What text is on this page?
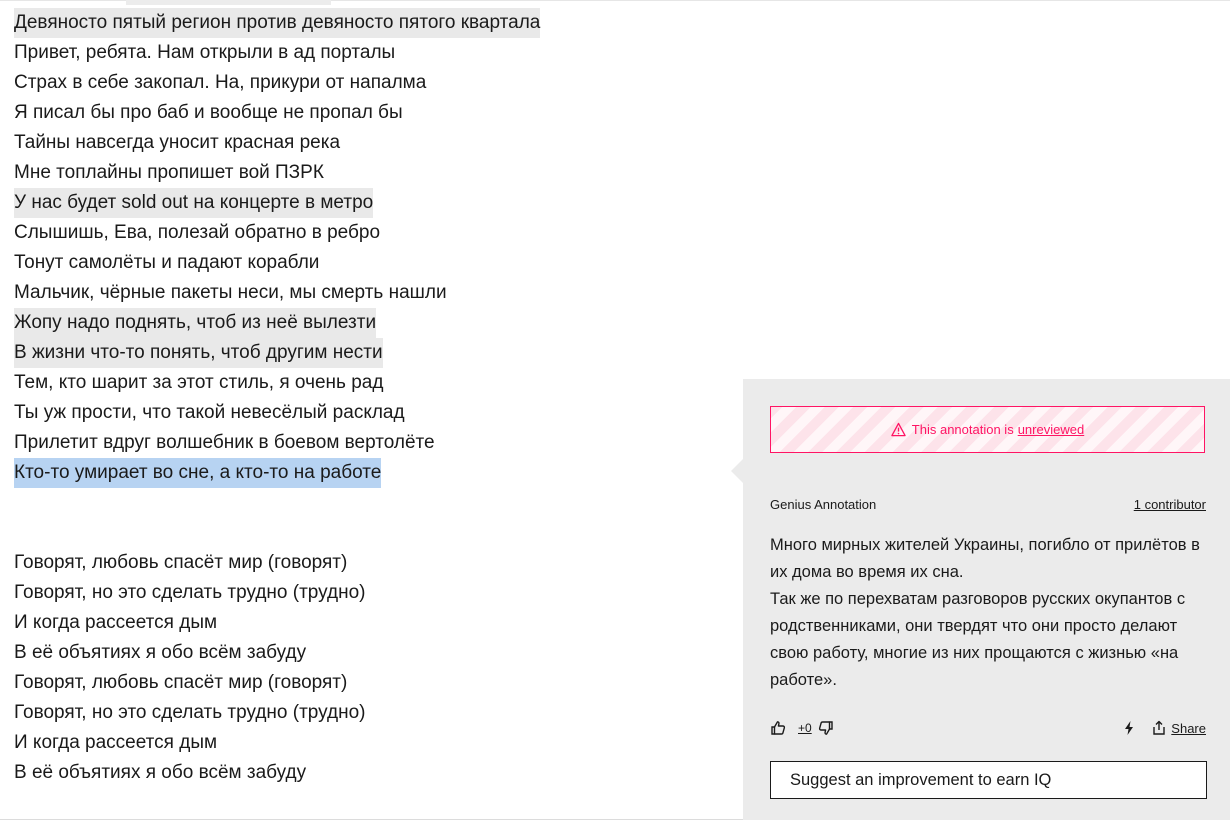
Девяносто пятый регион против девяносто пятого квартала
Привет, ребята. Нам открыли в ад порталы
Страх в себе закопал. На, прикури от напалма
Я писал бы про баб и вообще не пропал бы
Тайны навсегда уносит красная река
Мне топлайны пропишет вой ПЗРК
У нас будет sold out на концерте в метро
Слышишь, Ева, полезай обратно в ребро
Тонут самолёты и падают корабли
Мальчик, чёрные пакеты неси, мы смерть нашли
Жопу надо поднять, чтоб из неё вылезти
В жизни что-то понять, чтоб другим нести
Тем, кто шарит за этот стиль, я очень рад
Ты уж прости, что такой невесёлый расклад
Прилетит вдруг волшебник в боевом вертолёте
Кто-то умирает во сне, а кто-то на работе
Говорят, любовь спасёт мир (говорят)
Говорят, но это сделать трудно (трудно)
И когда рассеется дым
В её объятиях я обо всём забуду
Говорят, любовь спасёт мир (говорят)
Говорят, но это сделать трудно (трудно)
И когда рассеется дым
В её объятиях я обо всём забуду
This annotation is unreviewed
Genius Annotation	1 contributor

Много мирных жителей Украины, погибло от прилётов в их дома во время их сна.

Так же по перехватам разговоров русских окупантов с родственниками, они твердят что они просто делают свою работу, многие из них прощаются с жизнью «на работе».

+0	Share
Suggest an improvement to earn IQ
